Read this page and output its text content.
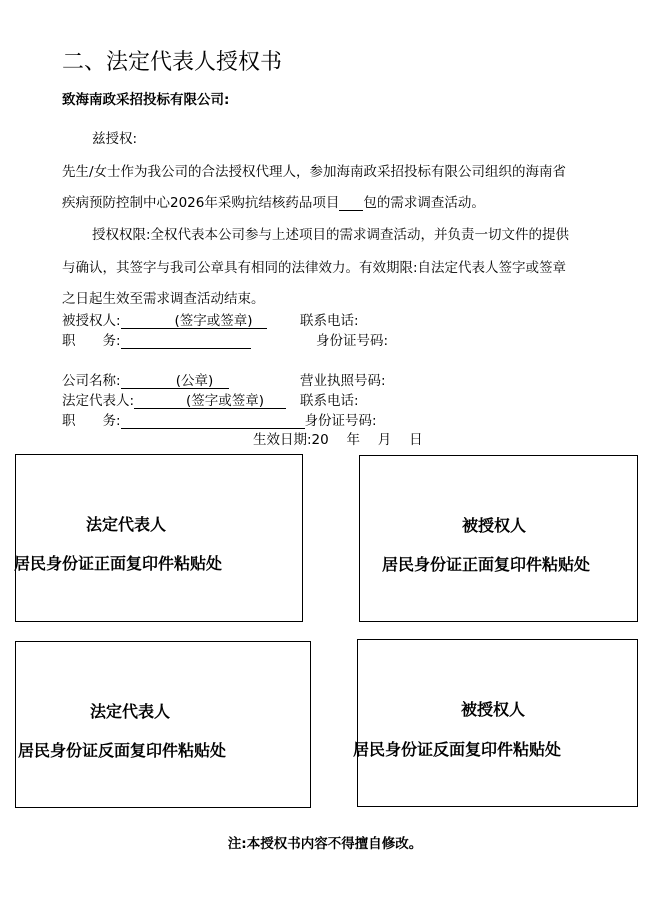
二、法定代表人授权书
致海南政采招投标有限公司:
兹授权:
先生/女士作为我公司的合法授权代理人，参加海南政采招投标有限公司组织的海南省
疾病预防控制中心2026年采购抗结核药品项目 包的需求调查活动。
授权权限:全权代表本公司参与上述项目的需求调查活动，并负责一切文件的提供
与确认，其签字与我司公章具有相同的法律效力。有效期限:自法定代表人签字或签章
之日起生效至需求调查活动结束。
被授权人:	(签字或签章)	联系电话:
职　　务:	身份证号码:
公司名称:	(公章)	营业执照号码:
法定代表人:	(签字或签章)	联系电话:
职　　务:	身份证号码:
生效日期:20　 年　 月　 日
法定代表人
居民身份证正面复印件粘贴处
被授权人
居民身份证正面复印件粘贴处
法定代表人
居民身份证反面复印件粘贴处
被授权人
居民身份证反面复印件粘贴处
注:本授权书内容不得擅自修改。
